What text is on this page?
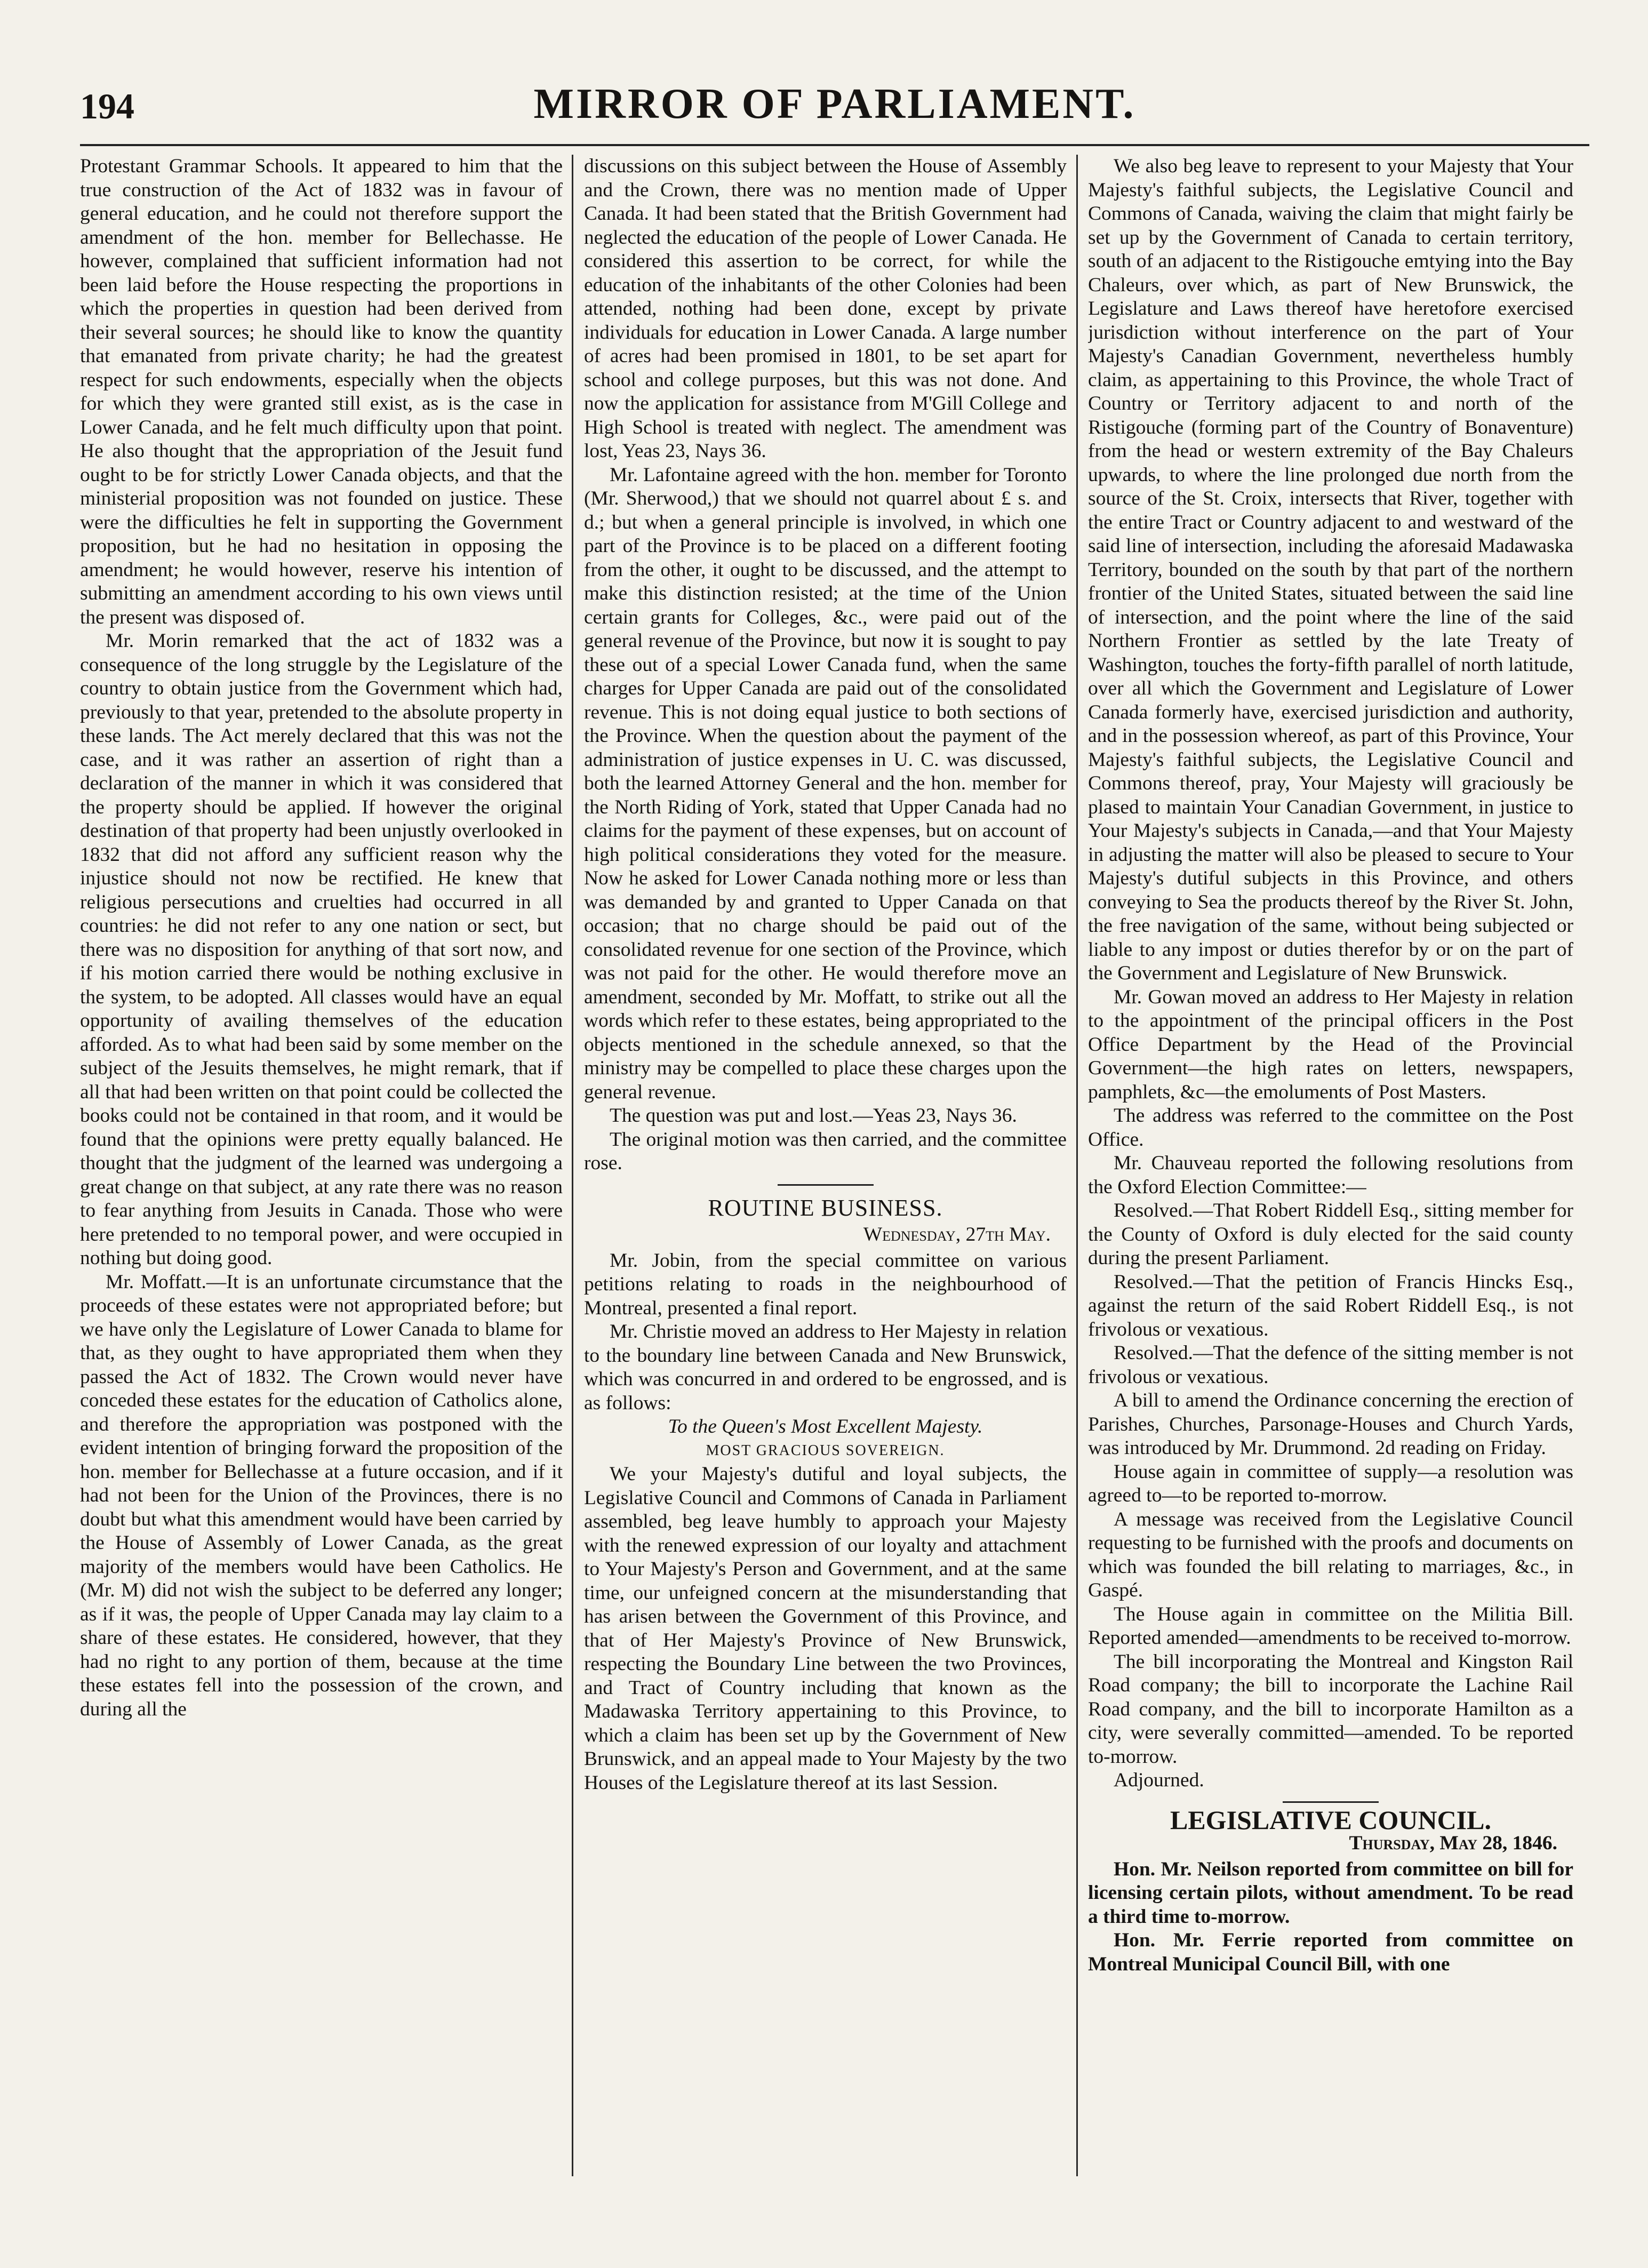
194	MIRROR OF PARLIAMENT.

Protestant Grammar Schools. It appeared to him that the true construction of the Act of 1832 was in favour of general education, and he could not therefore support the amendment of the hon. member for Bellechasse. He however, complained that sufficient information had not been laid before the House respecting the proportions in which the properties in question had been derived from their several sources; he should like to know the quantity that emanated from private charity; he had the greatest respect for such endowments, especially when the objects for which they were granted still exist, as is the case in Lower Canada, and he felt much difficulty upon that point. He also thought that the appropriation of the Jesuit fund ought to be for strictly Lower Canada objects, and that the ministerial proposition was not founded on justice. These were the difficulties he felt in supporting the Government proposition, but he had no hesitation in opposing the amendment; he would however, reserve his intention of submitting an amendment according to his own views until the present was disposed of.

Mr. Morin remarked that the act of 1832 was a consequence of the long struggle by the Legislature of the country to obtain justice from the Government which had, previously to that year, pretended to the absolute property in these lands. The Act merely declared that this was not the case, and it was rather an assertion of right than a declaration of the manner in which it was considered that the property should be applied. If however the original destination of that property had been unjustly overlooked in 1832 that did not afford any sufficient reason why the injustice should not now be rectified. He knew that religious persecutions and cruelties had occurred in all countries: he did not refer to any one nation or sect, but there was no disposition for anything of that sort now, and if his motion carried there would be nothing exclusive in the system, to be adopted. All classes would have an equal opportunity of availing themselves of the education afforded. As to what had been said by some member on the subject of the Jesuits themselves, he might remark, that if all that had been written on that point could be collected the books could not be contained in that room, and it would be found that the opinions were pretty equally balanced. He thought that the judgment of the learned was undergoing a great change on that subject, at any rate there was no reason to fear anything from Jesuits in Canada. Those who were here pretended to no temporal power, and were occupied in nothing but doing good.

Mr. Moffatt.—It is an unfortunate circumstance that the proceeds of these estates were not appropriated before; but we have only the Legislature of Lower Canada to blame for that, as they ought to have appropriated them when they passed the Act of 1832. The Crown would never have conceded these estates for the education of Catholics alone, and therefore the appropriation was postponed with the evident intention of bringing forward the proposition of the hon. member for Bellechasse at a future occasion, and if it had not been for the Union of the Provinces, there is no doubt but what this amendment would have been carried by the House of Assembly of Lower Canada, as the great majority of the members would have been Catholics. He (Mr. M) did not wish the subject to be deferred any longer; as if it was, the people of Upper Canada may lay claim to a share of these estates. He considered, however, that they had no right to any portion of them, because at the time these estates fell into the possession of the crown, and during all the

discussions on this subject between the House of Assembly and the Crown, there was no mention made of Upper Canada. It had been stated that the British Government had neglected the education of the people of Lower Canada. He considered this assertion to be correct, for while the education of the inhabitants of the other Colonies had been attended, nothing had been done, except by private individuals for education in Lower Canada. A large number of acres had been promised in 1801, to be set apart for school and college purposes, but this was not done. And now the application for assistance from M'Gill College and High School is treated with neglect. The amendment was lost, Yeas 23, Nays 36.

Mr. Lafontaine agreed with the hon. member for Toronto (Mr. Sherwood,) that we should not quarrel about £ s. and d.; but when a general principle is involved, in which one part of the Province is to be placed on a different footing from the other, it ought to be discussed, and the attempt to make this distinction resisted; at the time of the Union certain grants for Colleges, &c., were paid out of the general revenue of the Province, but now it is sought to pay these out of a special Lower Canada fund, when the same charges for Upper Canada are paid out of the consolidated revenue. This is not doing equal justice to both sections of the Province. When the question about the payment of the administration of justice expenses in U. C. was discussed, both the learned Attorney General and the hon. member for the North Riding of York, stated that Upper Canada had no claims for the payment of these expenses, but on account of high political considerations they voted for the measure. Now he asked for Lower Canada nothing more or less than was demanded by and granted to Upper Canada on that occasion; that no charge should be paid out of the consolidated revenue for one section of the Province, which was not paid for the other. He would therefore move an amendment, seconded by Mr. Moffatt, to strike out all the words which refer to these estates, being appropriated to the objects mentioned in the schedule annexed, so that the ministry may be compelled to place these charges upon the general revenue.

The question was put and lost.—Yeas 23, Nays 36.

The original motion was then carried, and the committee rose.

ROUTINE BUSINESS.

Wednesday, 27th May.

Mr. Jobin, from the special committee on various petitions relating to roads in the neighbourhood of Montreal, presented a final report.

Mr. Christie moved an address to Her Majesty in relation to the boundary line between Canada and New Brunswick, which was concurred in and ordered to be engrossed, and is as follows:

To the Queen's Most Excellent Majesty.

MOST GRACIOUS SOVEREIGN.

We your Majesty's dutiful and loyal subjects, the Legislative Council and Commons of Canada in Parliament assembled, beg leave humbly to approach your Majesty with the renewed expression of our loyalty and attachment to Your Majesty's Person and Government, and at the same time, our unfeigned concern at the misunderstanding that has arisen between the Government of this Province, and that of Her Majesty's Province of New Brunswick, respecting the Boundary Line between the two Provinces, and Tract of Country including that known as the Madawaska Territory appertaining to this Province, to which a claim has been set up by the Government of New Brunswick, and an appeal made to Your Majesty by the two Houses of the Legislature thereof at its last Session.

We also beg leave to represent to your Majesty that Your Majesty's faithful subjects, the Legislative Council and Commons of Canada, waiving the claim that might fairly be set up by the Government of Canada to certain territory, south of an adjacent to the Ristigouche emtying into the Bay Chaleurs, over which, as part of New Brunswick, the Legislature and Laws thereof have heretofore exercised jurisdiction without interference on the part of Your Majesty's Canadian Government, nevertheless humbly claim, as appertaining to this Province, the whole Tract of Country or Territory adjacent to and north of the Ristigouche (forming part of the Country of Bonaventure) from the head or western extremity of the Bay Chaleurs upwards, to where the line prolonged due north from the source of the St. Croix, intersects that River, together with the entire Tract or Country adjacent to and westward of the said line of intersection, including the aforesaid Madawaska Territory, bounded on the south by that part of the northern frontier of the United States, situated between the said line of intersection, and the point where the line of the said Northern Frontier as settled by the late Treaty of Washington, touches the forty-fifth parallel of north latitude, over all which the Government and Legislature of Lower Canada formerly have, exercised jurisdiction and authority, and in the possession whereof, as part of this Province, Your Majesty's faithful subjects, the Legislative Council and Commons thereof, pray, Your Majesty will graciously be plased to maintain Your Canadian Government, in justice to Your Majesty's subjects in Canada,—and that Your Majesty in adjusting the matter will also be pleased to secure to Your Majesty's dutiful subjects in this Province, and others conveying to Sea the products thereof by the River St. John, the free navigation of the same, without being subjected or liable to any impost or duties therefor by or on the part of the Government and Legislature of New Brunswick.

Mr. Gowan moved an address to Her Majesty in relation to the appointment of the principal officers in the Post Office Department by the Head of the Provincial Government—the high rates on letters, newspapers, pamphlets, &c—the emoluments of Post Masters.

The address was referred to the committee on the Post Office.

Mr. Chauveau reported the following resolutions from the Oxford Election Committee:—

Resolved.—That Robert Riddell Esq., sitting member for the County of Oxford is duly elected for the said county during the present Parliament.

Resolved.—That the petition of Francis Hincks Esq., against the return of the said Robert Riddell Esq., is not frivolous or vexatious.

Resolved.—That the defence of the sitting member is not frivolous or vexatious.

A bill to amend the Ordinance concerning the erection of Parishes, Churches, Parsonage-Houses and Church Yards, was introduced by Mr. Drummond. 2d reading on Friday.

House again in committee of supply—a resolution was agreed to—to be reported to-morrow.

A message was received from the Legislative Council requesting to be furnished with the proofs and documents on which was founded the bill relating to marriages, &c., in Gaspé.

The House again in committee on the Militia Bill. Reported amended—amendments to be received to-morrow.

The bill incorporating the Montreal and Kingston Rail Road company; the bill to incorporate the Lachine Rail Road company, and the bill to incorporate Hamilton as a city, were severally committed—amended. To be reported to-morrow.

Adjourned.

LEGISLATIVE COUNCIL.

Thursday, May 28, 1846.

Hon. Mr. Neilson reported from committee on bill for licensing certain pilots, without amendment. To be read a third time to-morrow.

Hon. Mr. Ferrie reported from committee on Montreal Municipal Council Bill, with one
